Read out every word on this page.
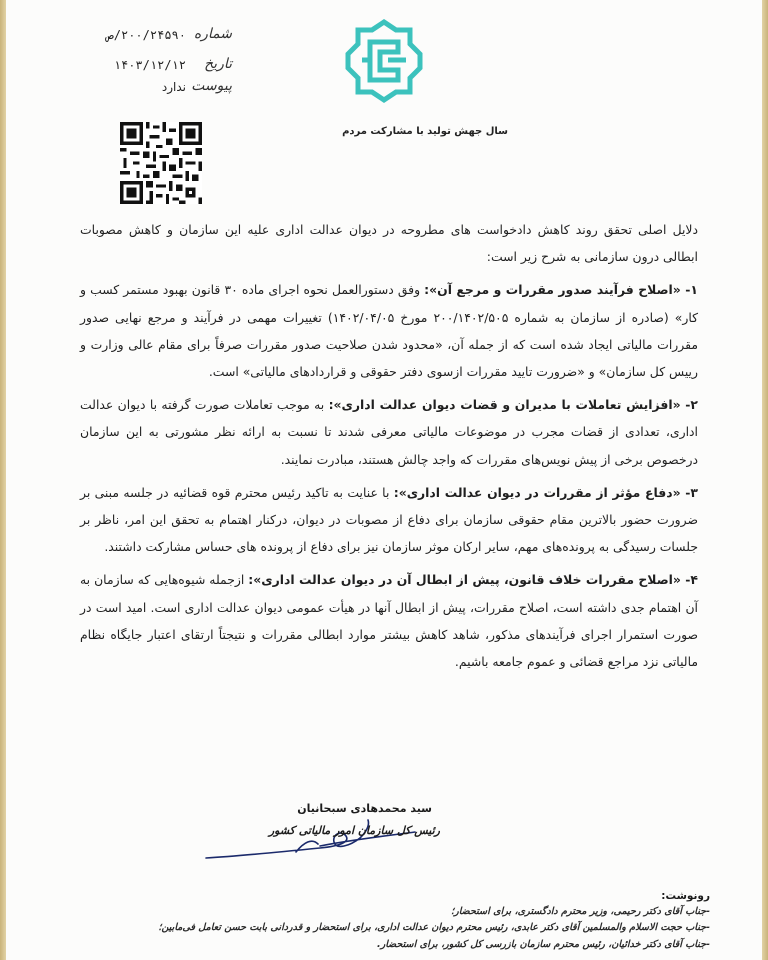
شماره
۲۰۰/۲۴۵۹۰/ص
تاریخ
۱۴۰۳/۱۲/۱۲
پیوست
ندارد
سال جهش تولید با مشارکت مردم

دلایل اصلی تحقق روند کاهش دادخواست های مطروحه در دیوان عدالت اداری علیه این سازمان و کاهش مصوبات ابطالی درون سازمانی به شرح زیر است:

۱- «اصلاح فرآیند صدور مقررات و مرجع آن»: وفق دستورالعمل نحوه اجرای ماده ۳۰ قانون بهبود مستمر کسب و کار» (صادره از سازمان به شماره ۲۰۰/۱۴۰۲/۵۰۵ مورخ ۱۴۰۲/۰۴/۰۵) تغییرات مهمی در فرآیند و مرجع نهایی صدور مقررات مالیاتی ایجاد شده است که از جمله آن، «محدود شدن صلاحیت صدور مقررات صرفاً برای مقام عالی وزارت و رییس کل سازمان» و «ضرورت تایید مقررات ازسوی دفتر حقوقی و قراردادهای مالیاتی» است.

۲- «افزایش تعاملات با مدیران و قضات دیوان عدالت اداری»: به موجب تعاملات صورت گرفته با دیوان عدالت اداری، تعدادی از قضات مجرب در موضوعات مالیاتی معرفی شدند تا نسبت به ارائه نظر مشورتی به این سازمان درخصوص برخی از پیش نویس‌های مقررات که واجد چالش هستند، مبادرت نمایند.

۳- «دفاع مؤثر از مقررات در دیوان عدالت اداری»: با عنایت به تاکید رئیس محترم قوه قضائیه در جلسه مبنی بر ضرورت حضور بالاترین مقام حقوقی سازمان برای دفاع از مصوبات در دیوان، درکنار اهتمام به تحقق این امر، ناظر بر جلسات رسیدگی به پرونده‌های مهم، سایر ارکان موثر سازمان نیز برای دفاع از پرونده های حساس مشارکت داشتند.

۴- «اصلاح مقررات خلاف قانون، پیش از ابطال آن در دیوان عدالت اداری»: ازجمله شیوه‌هایی که سازمان به آن اهتمام جدی داشته است، اصلاح مقررات، پیش از ابطال آنها در هیأت عمومی دیوان عدالت اداری است. امید است در صورت استمرار اجرای فرآیندهای مذکور، شاهد کاهش بیشتر موارد ابطالی مقررات و نتیجتاً ارتقای اعتبار جایگاه نظام مالیاتی نزد مراجع قضائی و عموم جامعه باشیم.

سید محمدهادی سبحانیان
رئیس کل سازمان امور مالیاتی کشور
رونوشت:
-جناب آقای دکتر رحیمی، وزیر محترم دادگستری، برای استحضار؛
-جناب حجت الاسلام والمسلمین آقای دکتر عابدی، رئیس محترم دیوان عدالت اداری، برای استحضار و قدردانی بابت حسن تعامل فی‌مابین؛
-جناب آقای دکتر خدائیان، رئیس محترم سازمان بازرسی کل کشور، برای استحضار.
